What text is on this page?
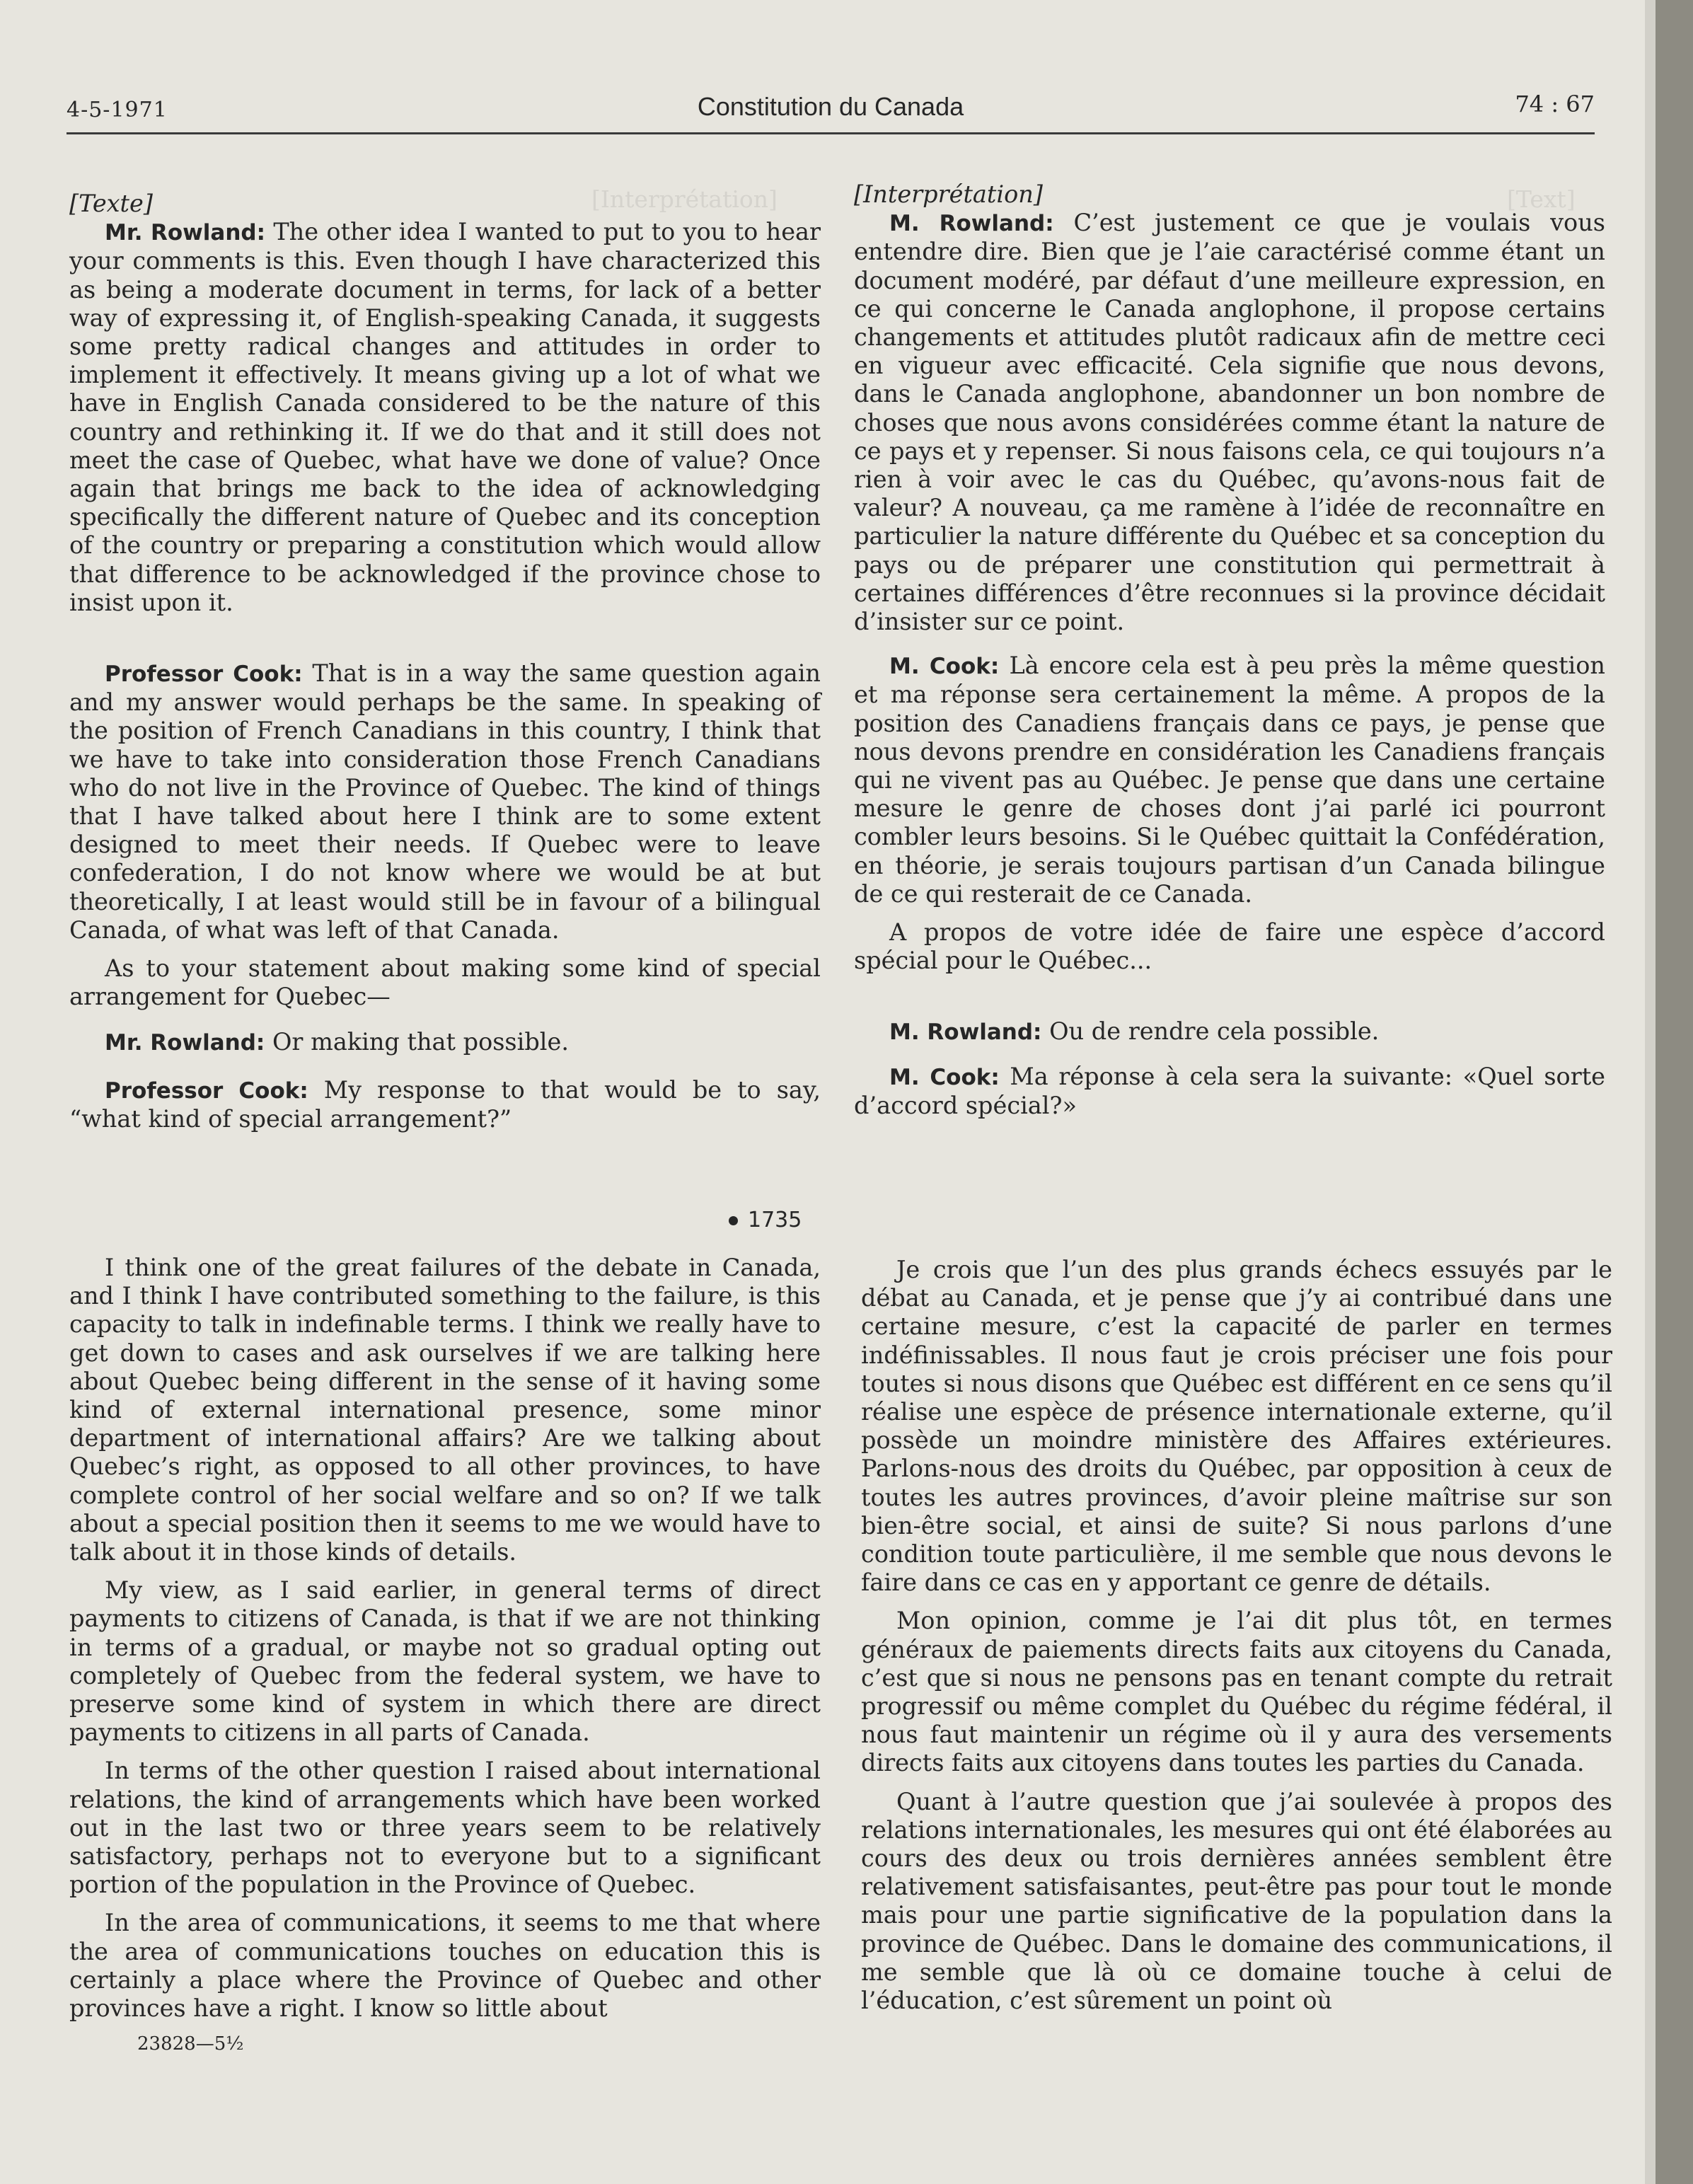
[Interprétation]	[Text]
4-5-1971	Constitution du Canada	74 : 67
[Texte]

Mr. Rowland: The other idea I wanted to put to you to hear your comments is this. Even though I have characterized this as being a moderate document in terms, for lack of a better way of expressing it, of English-speaking Canada, it suggests some pretty radical changes and attitudes in order to implement it effectively. It means giving up a lot of what we have in English Canada considered to be the nature of this country and rethinking it. If we do that and it still does not meet the case of Quebec, what have we done of value? Once again that brings me back to the idea of acknowledging specifically the different nature of Quebec and its conception of the country or preparing a constitution which would allow that difference to be acknowledged if the province chose to insist upon it.

Professor Cook: That is in a way the same question again and my answer would perhaps be the same. In speaking of the position of French Canadians in this country, I think that we have to take into consideration those French Canadians who do not live in the Province of Quebec. The kind of things that I have talked about here I think are to some extent designed to meet their needs. If Quebec were to leave confederation, I do not know where we would be at but theoretically, I at least would still be in favour of a bilingual Canada, of what was left of that Canada.

As to your statement about making some kind of special arrangement for Quebec—

Mr. Rowland: Or making that possible.

Professor Cook: My response to that would be to say, “what kind of special arrangement?”

1735

I think one of the great failures of the debate in Canada, and I think I have contributed something to the failure, is this capacity to talk in indefinable terms. I think we really have to get down to cases and ask ourselves if we are talking here about Quebec being different in the sense of it having some kind of external international presence, some minor department of international affairs? Are we talking about Quebec’s right, as opposed to all other provinces, to have complete control of her social welfare and so on? If we talk about a special position then it seems to me we would have to talk about it in those kinds of details.

My view, as I said earlier, in general terms of direct payments to citizens of Canada, is that if we are not thinking in terms of a gradual, or maybe not so gradual opting out completely of Quebec from the federal system, we have to preserve some kind of system in which there are direct payments to citizens in all parts of Canada.

In terms of the other question I raised about international relations, the kind of arrangements which have been worked out in the last two or three years seem to be relatively satisfactory, perhaps not to everyone but to a significant portion of the population in the Province of Quebec.

In the area of communications, it seems to me that where the area of communications touches on education this is certainly a place where the Province of Quebec and other provinces have a right. I know so little about

23828—5½
[Interprétation]

M. Rowland: C’est justement ce que je voulais vous entendre dire. Bien que je l’aie caractérisé comme étant un document modéré, par défaut d’une meilleure expression, en ce qui concerne le Canada anglophone, il propose certains changements et attitudes plutôt radicaux afin de mettre ceci en vigueur avec efficacité. Cela signifie que nous devons, dans le Canada anglophone, abandonner un bon nombre de choses que nous avons considérées comme étant la nature de ce pays et y repenser. Si nous faisons cela, ce qui toujours n’a rien à voir avec le cas du Québec, qu’avons-nous fait de valeur? A nouveau, ça me ramène à l’idée de reconnaître en particulier la nature différente du Québec et sa conception du pays ou de préparer une constitution qui permettrait à certaines différences d’être reconnues si la province décidait d’insister sur ce point.

M. Cook: Là encore cela est à peu près la même question et ma réponse sera certainement la même. A propos de la position des Canadiens français dans ce pays, je pense que nous devons prendre en considération les Canadiens français qui ne vivent pas au Québec. Je pense que dans une certaine mesure le genre de choses dont j’ai parlé ici pourront combler leurs besoins. Si le Québec quittait la Confédération, en théorie, je serais toujours partisan d’un Canada bilingue de ce qui resterait de ce Canada.

A propos de votre idée de faire une espèce d’accord spécial pour le Québec...

M. Rowland: Ou de rendre cela possible.

M. Cook: Ma réponse à cela sera la suivante: «Quel sorte d’accord spécial?»

Je crois que l’un des plus grands échecs essuyés par le débat au Canada, et je pense que j’y ai contribué dans une certaine mesure, c’est la capacité de parler en termes indéfinissables. Il nous faut je crois préciser une fois pour toutes si nous disons que Québec est différent en ce sens qu’il réalise une espèce de présence internationale externe, qu’il possède un moindre ministère des Affaires extérieures. Parlons-nous des droits du Québec, par opposition à ceux de toutes les autres provinces, d’avoir pleine maîtrise sur son bien-être social, et ainsi de suite? Si nous parlons d’une condition toute particulière, il me semble que nous devons le faire dans ce cas en y apportant ce genre de détails.

Mon opinion, comme je l’ai dit plus tôt, en termes généraux de paiements directs faits aux citoyens du Canada, c’est que si nous ne pensons pas en tenant compte du retrait progressif ou même complet du Québec du régime fédéral, il nous faut maintenir un régime où il y aura des versements directs faits aux citoyens dans toutes les parties du Canada.

Quant à l’autre question que j’ai soulevée à propos des relations internationales, les mesures qui ont été élaborées au cours des deux ou trois dernières années semblent être relativement satisfaisantes, peut-être pas pour tout le monde mais pour une partie significative de la population dans la province de Québec. Dans le domaine des communications, il me semble que là où ce domaine touche à celui de l’éducation, c’est sûrement un point où
